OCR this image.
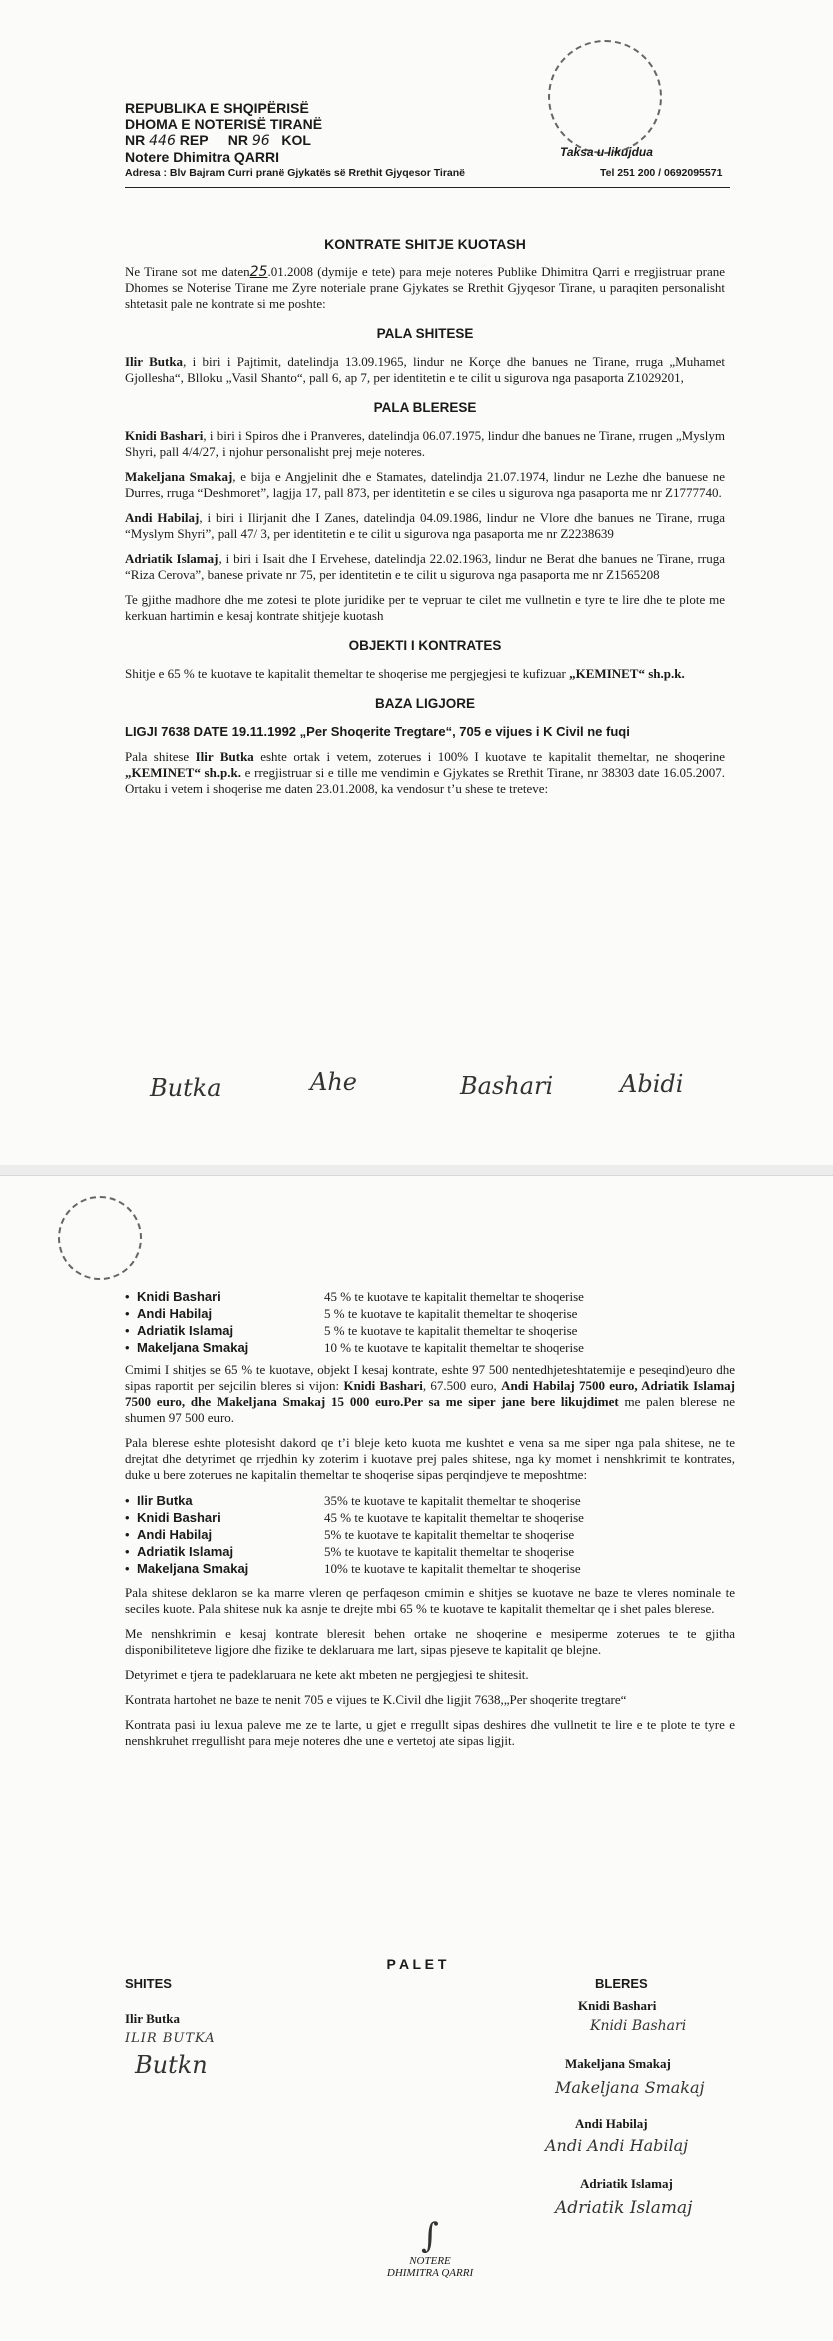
Taksa u likujdua
REPUBLIKA E SHQIPËRISË
DHOMA E NOTERISË TIRANË
NR 446 REP NR 96 KOL
Notere Dhimitra QARRI
Adresa : Blv Bajram Curri pranë Gjykatës së Rrethit Gjyqesor Tiranë	Tel 251 200 / 0692095571
KONTRATE SHITJE KUOTASH

Ne Tirane sot me daten25.01.2008 (dymije e tete) para meje noteres Publike Dhimitra Qarri e rregjistruar prane Dhomes se Noterise Tirane me Zyre noteriale prane Gjykates se Rrethit Gjyqesor Tirane, u paraqiten personalisht shtetasit pale ne kontrate si me poshte:

PALA SHITESE

Ilir Butka, i biri i Pajtimit, datelindja 13.09.1965, lindur ne Korçe dhe banues ne Tirane, rruga „Muhamet Gjollesha“, Blloku „Vasil Shanto“, pall 6, ap 7, per identitetin e te cilit u sigurova nga pasaporta Z1029201,

PALA BLERESE

Knidi Bashari, i biri i Spiros dhe i Pranveres, datelindja 06.07.1975, lindur dhe banues ne Tirane, rrugen „Myslym Shyri, pall 4/4/27, i njohur personalisht prej meje noteres.

Makeljana Smakaj, e bija e Angjelinit dhe e Stamates, datelindja 21.07.1974, lindur ne Lezhe dhe banuese ne Durres, rruga “Deshmoret”, lagjja 17, pall 873, per identitetin e se ciles u sigurova nga pasaporta me nr Z1777740.

Andi Habilaj, i biri i Ilirjanit dhe I Zanes, datelindja 04.09.1986, lindur ne Vlore dhe banues ne Tirane, rruga “Myslym Shyri”, pall 47/ 3, per identitetin e te cilit u sigurova nga pasaporta me nr Z2238639

Adriatik Islamaj, i biri i Isait dhe I Ervehese, datelindja 22.02.1963, lindur ne Berat dhe banues ne Tirane, rruga “Riza Cerova”, banese private nr 75, per identitetin e te cilit u sigurova nga pasaporta me nr Z1565208

Te gjithe madhore dhe me zotesi te plote juridike per te vepruar te cilet me vullnetin e tyre te lire dhe te plote me kerkuan hartimin e kesaj kontrate shitjeje kuotash

OBJEKTI I KONTRATES

Shitje e 65 % te kuotave te kapitalit themeltar te shoqerise me pergjegjesi te kufizuar „KEMINET“ sh.p.k.

BAZA LIGJORE

LIGJI 7638 DATE 19.11.1992 „Per Shoqerite Tregtare“, 705 e vijues i K Civil ne fuqi

Pala shitese Ilir Butka eshte ortak i vetem, zoterues i 100% I kuotave te kapitalit themeltar, ne shoqerine „KEMINET“ sh.p.k. e rregjistruar si e tille me vendimin e Gjykates se Rrethit Tirane, nr 38303 date 16.05.2007. Ortaku i vetem i shoqerise me daten 23.01.2008, ka vendosur t’u shese te treteve:

Butka	Ahe	Bashari	Abidi
• Knidi Bashari	45 % te kuotave te kapitalit themeltar te shoqerise
• Andi Habilaj	5 % te kuotave te kapitalit themeltar te shoqerise
• Adriatik Islamaj	5 % te kuotave te kapitalit themeltar te shoqerise
• Makeljana Smakaj	10 % te kuotave te kapitalit themeltar te shoqerise

Cmimi I shitjes se 65 % te kuotave, objekt I kesaj kontrate, eshte 97 500 nentedhjeteshtatemije e peseqind)euro dhe sipas raportit per sejcilin bleres si vijon: Knidi Bashari, 67.500 euro, Andi Habilaj 7500 euro, Adriatik Islamaj 7500 euro, dhe Makeljana Smakaj 15 000 euro.Per sa me siper jane bere likujdimet me palen blerese ne shumen 97 500 euro.

Pala blerese eshte plotesisht dakord qe t’i bleje keto kuota me kushtet e vena sa me siper nga pala shitese, ne te drejtat dhe detyrimet qe rrjedhin ky zoterim i kuotave prej pales shitese, nga ky momet i nenshkrimit te kontrates, duke u bere zoterues ne kapitalin themeltar te shoqerise sipas perqindjeve te meposhtme:

• Ilir Butka	35% te kuotave te kapitalit themeltar te shoqerise
• Knidi Bashari	45 % te kuotave te kapitalit themeltar te shoqerise
• Andi Habilaj	5% te kuotave te kapitalit themeltar te shoqerise
• Adriatik Islamaj	5% te kuotave te kapitalit themeltar te shoqerise
• Makeljana Smakaj	10% te kuotave te kapitalit themeltar te shoqerise

Pala shitese deklaron se ka marre vleren qe perfaqeson cmimin e shitjes se kuotave ne baze te vleres nominale te seciles kuote. Pala shitese nuk ka asnje te drejte mbi 65 % te kuotave te kapitalit themeltar qe i shet pales blerese.

Me nenshkrimin e kesaj kontrate bleresit behen ortake ne shoqerine e mesiperme zoterues te te gjitha disponibiliteteve ligjore dhe fizike te deklaruara me lart, sipas pjeseve te kapitalit qe blejne.

Detyrimet e tjera te padeklaruara ne kete akt mbeten ne pergjegjesi te shitesit.

Kontrata hartohet ne baze te nenit 705 e vijues te K.Civil dhe ligjit 7638,„Per shoqerite tregtare“

Kontrata pasi iu lexua paleve me ze te larte, u gjet e rregullt sipas deshires dhe vullnetit te lire e te plote te tyre e nenshkruhet rregullisht para meje noteres dhe une e vertetoj ate sipas ligjit.

P A L E T
SHITES	BLERES
Ilir Butka
ILIR BUTKA
Butkn
Knidi Bashari
Knidi Bashari
Makeljana Smakaj
Makeljana Smakaj
Andi Habilaj
Andi Andi Habilaj
Adriatik Islamaj
Adriatik Islamaj
∫
NOTERE
DHIMITRA QARRI
